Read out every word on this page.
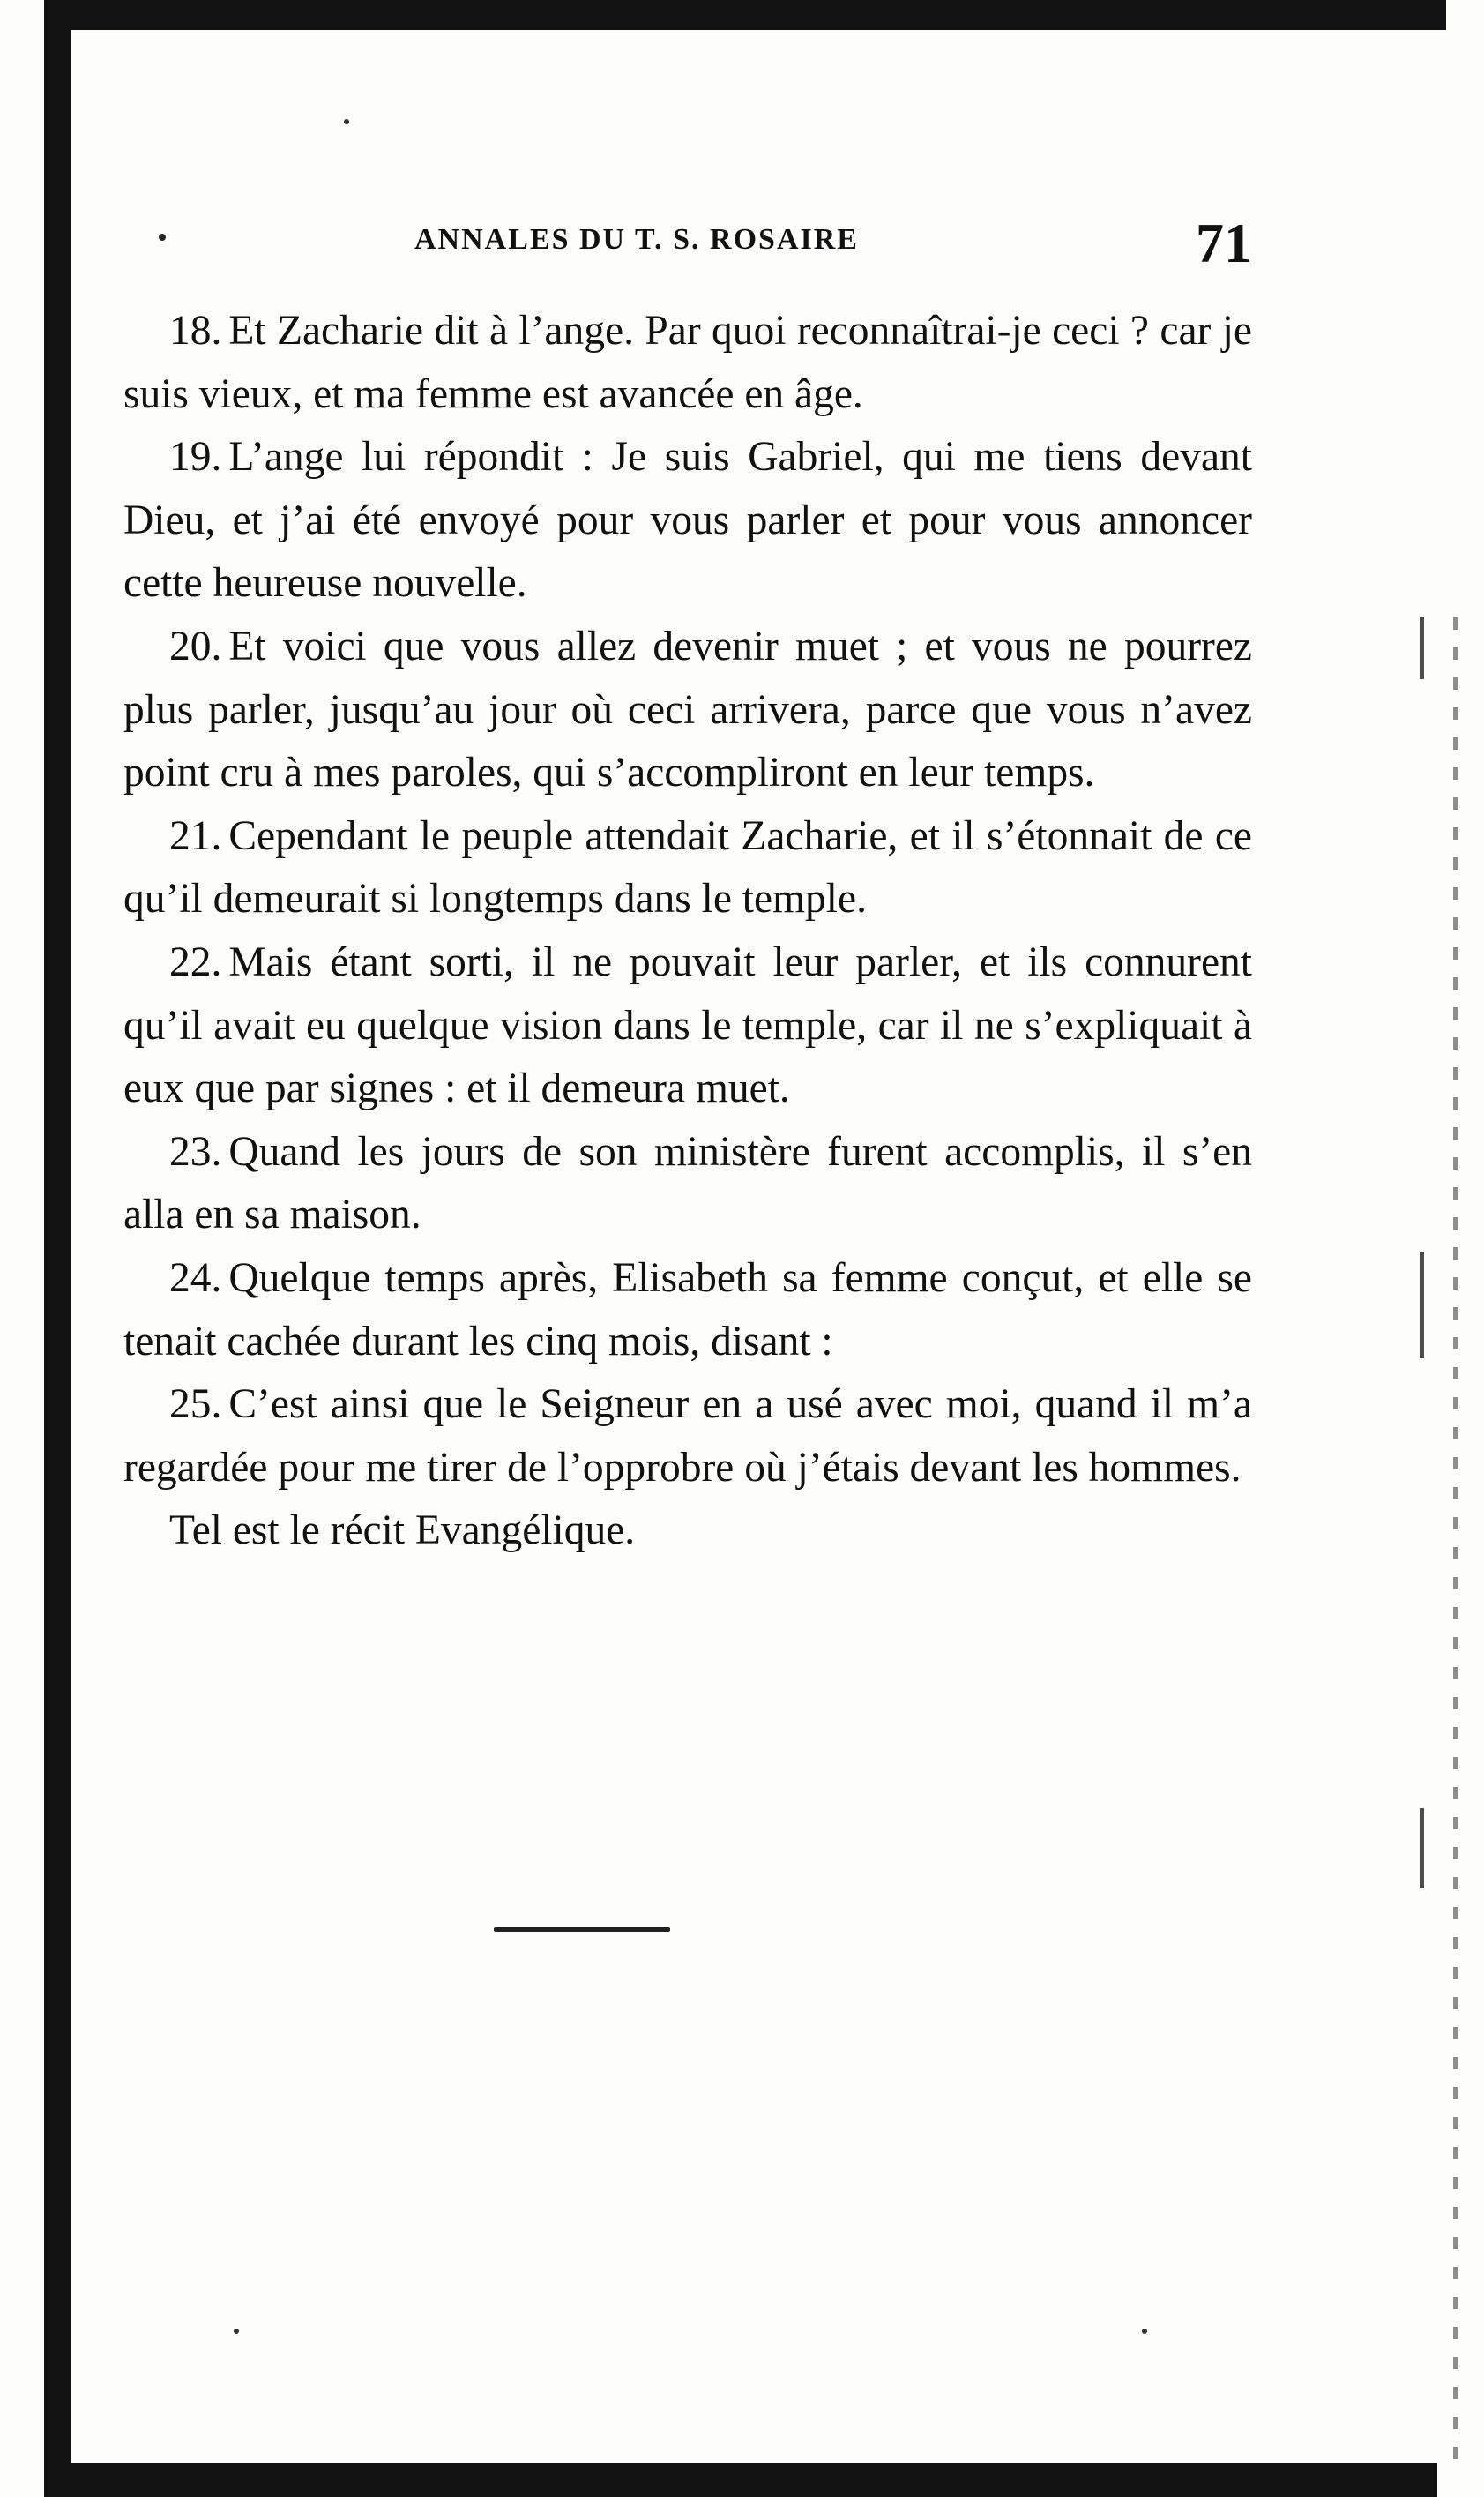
ANNALES DU T. S. ROSAIRE	71

18. Et Zacharie dit à l’ange. Par quoi reconnaîtrai-je ceci ? car je suis vieux, et ma femme est avancée en âge.

19. L’ange lui répondit : Je suis Gabriel, qui me tiens devant Dieu, et j’ai été envoyé pour vous parler et pour vous annoncer cette heureuse nouvelle.

20. Et voici que vous allez devenir muet ; et vous ne pourrez plus parler, jusqu’au jour où ceci arrivera, parce que vous n’avez point cru à mes paroles, qui s’accompliront en leur temps.

21. Cependant le peuple attendait Zacharie, et il s’étonnait de ce qu’il demeurait si longtemps dans le temple.

22. Mais étant sorti, il ne pouvait leur parler, et ils connurent qu’il avait eu quelque vision dans le temple, car il ne s’expliquait à eux que par signes : et il demeura muet.

23. Quand les jours de son ministère furent accomplis, il s’en alla en sa maison.

24. Quelque temps après, Elisabeth sa femme conçut, et elle se tenait cachée durant les cinq mois, disant :

25. C’est ainsi que le Seigneur en a usé avec moi, quand il m’a regardée pour me tirer de l’opprobre où j’étais devant les hommes.

Tel est le récit Evangélique.
